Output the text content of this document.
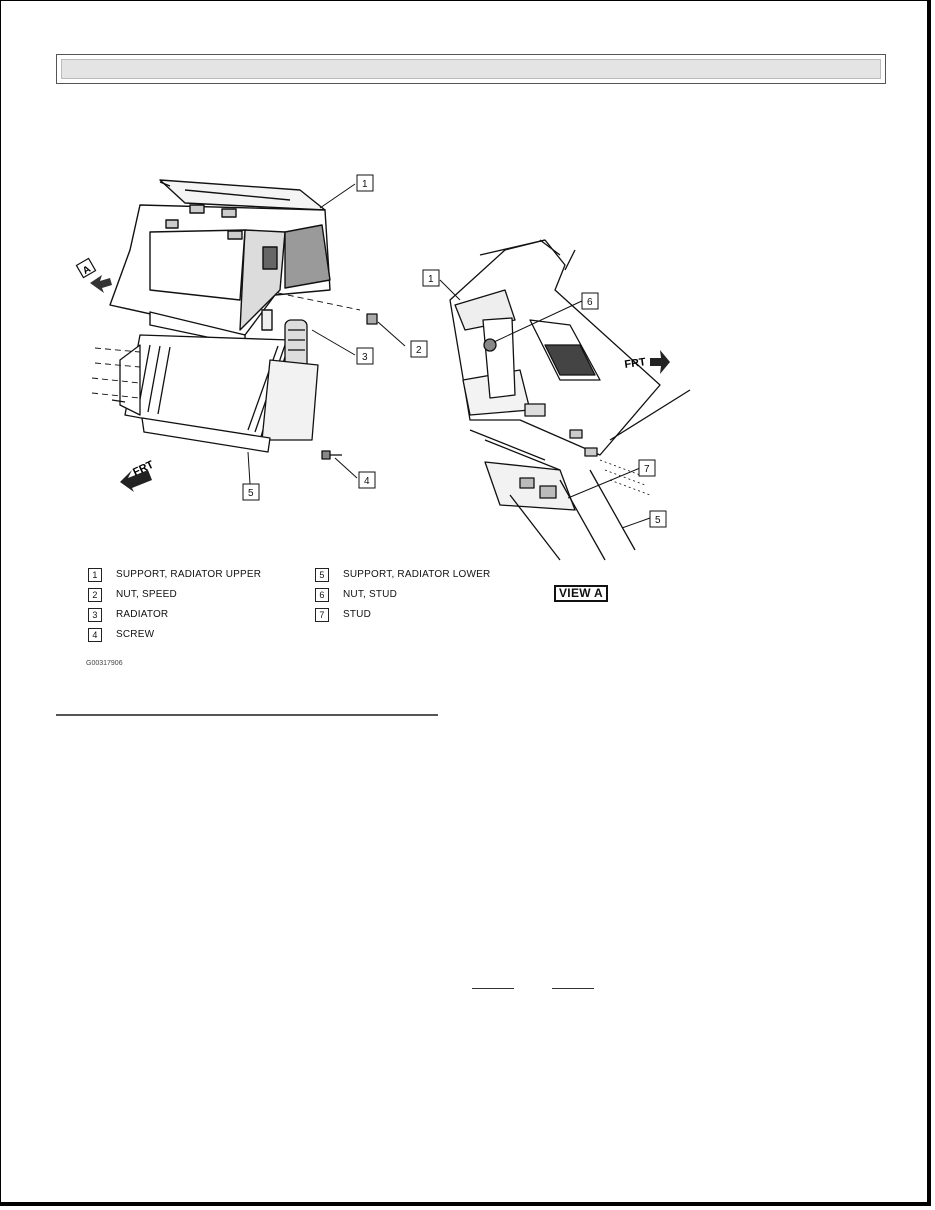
FRT
A
1
2
3
4
5
FRT
1
6
7
5
1	SUPPORT, RADIATOR UPPER
2	NUT, SPEED
3	RADIATOR
4	SCREW
5	SUPPORT, RADIATOR LOWER
6	NUT, STUD
7	STUD
VIEW A
G00317906
